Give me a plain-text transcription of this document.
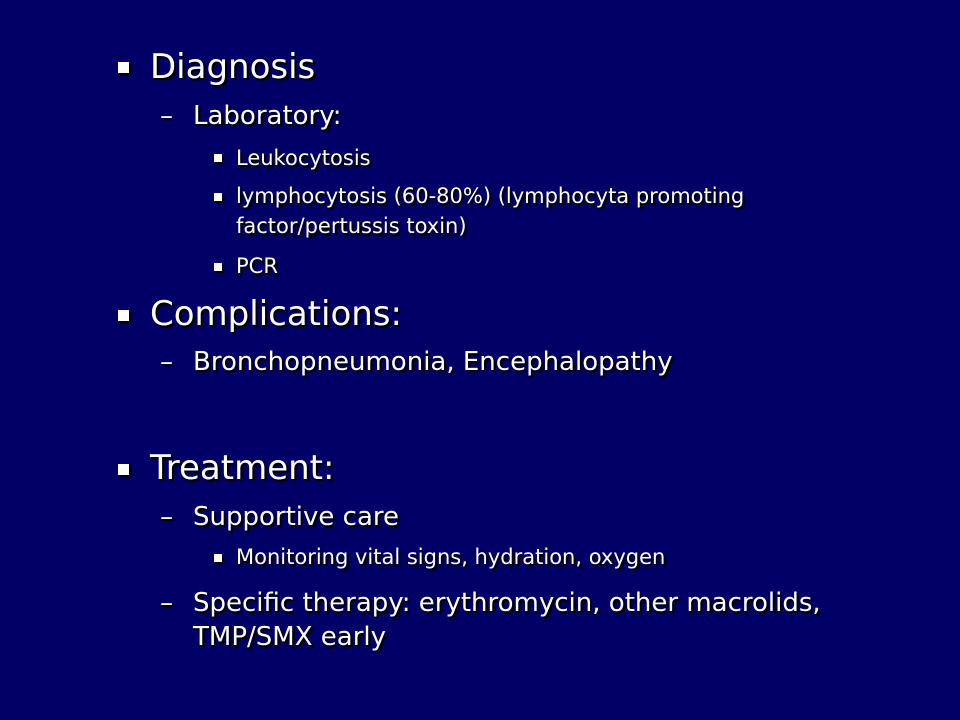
Diagnosis
– Laboratory:
Leukocytosis
lymphocytosis (60-80%) (lymphocyta promoting
factor/pertussis toxin)
PCR
Complications:
– Bronchopneumonia, Encephalopathy
Treatment:
– Supportive care
Monitoring vital signs, hydration, oxygen
– Specific therapy: erythromycin, other macrolids,
TMP/SMX early
